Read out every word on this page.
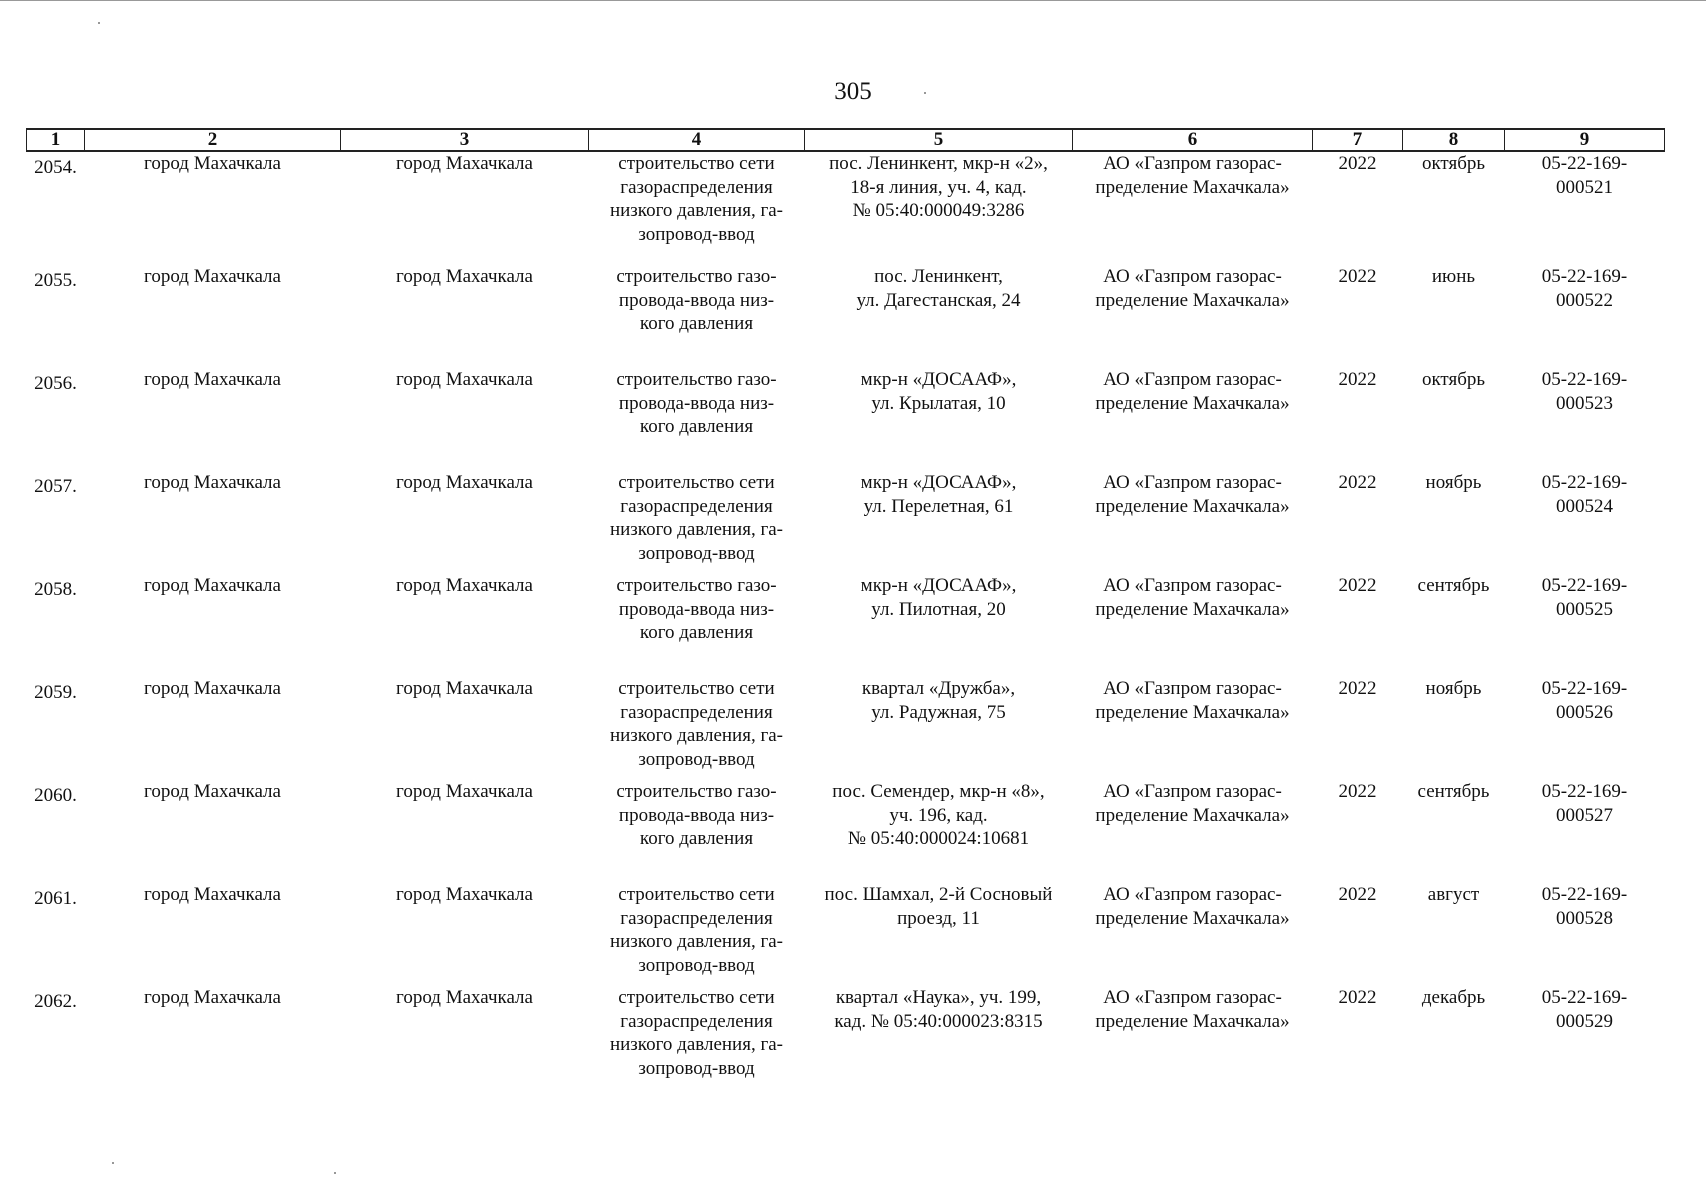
305
1	2	3	4	5	6	7	8	9
2054.	город Махачкала	город Махачкала	строительство сети
газораспределения
низкого давления, га-
зопровод-ввод	пос. Ленинкент, мкр-н «2»,
18-я линия, уч. 4, кад.
№ 05:40:000049:3286	АО «Газпром газорас-
пределение Махачкала»	2022	октябрь	05-22-169-
000521
2055.	город Махачкала	город Махачкала	строительство газо-
провода-ввода низ-
кого давления	пос. Ленинкент,
ул. Дагестанская, 24	АО «Газпром газорас-
пределение Махачкала»	2022	июнь	05-22-169-
000522
2056.	город Махачкала	город Махачкала	строительство газо-
провода-ввода низ-
кого давления	мкр-н «ДОСААФ»,
ул. Крылатая, 10	АО «Газпром газорас-
пределение Махачкала»	2022	октябрь	05-22-169-
000523
2057.	город Махачкала	город Махачкала	строительство сети
газораспределения
низкого давления, га-
зопровод-ввод	мкр-н «ДОСААФ»,
ул. Перелетная, 61	АО «Газпром газорас-
пределение Махачкала»	2022	ноябрь	05-22-169-
000524
2058.	город Махачкала	город Махачкала	строительство газо-
провода-ввода низ-
кого давления	мкр-н «ДОСААФ»,
ул. Пилотная, 20	АО «Газпром газорас-
пределение Махачкала»	2022	сентябрь	05-22-169-
000525
2059.	город Махачкала	город Махачкала	строительство сети
газораспределения
низкого давления, га-
зопровод-ввод	квартал «Дружба»,
ул. Радужная, 75	АО «Газпром газорас-
пределение Махачкала»	2022	ноябрь	05-22-169-
000526
2060.	город Махачкала	город Махачкала	строительство газо-
провода-ввода низ-
кого давления	пос. Семендер, мкр-н «8»,
уч. 196, кад.
№ 05:40:000024:10681	АО «Газпром газорас-
пределение Махачкала»	2022	сентябрь	05-22-169-
000527
2061.	город Махачкала	город Махачкала	строительство сети
газораспределения
низкого давления, га-
зопровод-ввод	пос. Шамхал, 2-й Сосновый
проезд, 11	АО «Газпром газорас-
пределение Махачкала»	2022	август	05-22-169-
000528
2062.	город Махачкала	город Махачкала	строительство сети
газораспределения
низкого давления, га-
зопровод-ввод	квартал «Наука», уч. 199,
кад. № 05:40:000023:8315	АО «Газпром газорас-
пределение Махачкала»	2022	декабрь	05-22-169-
000529
